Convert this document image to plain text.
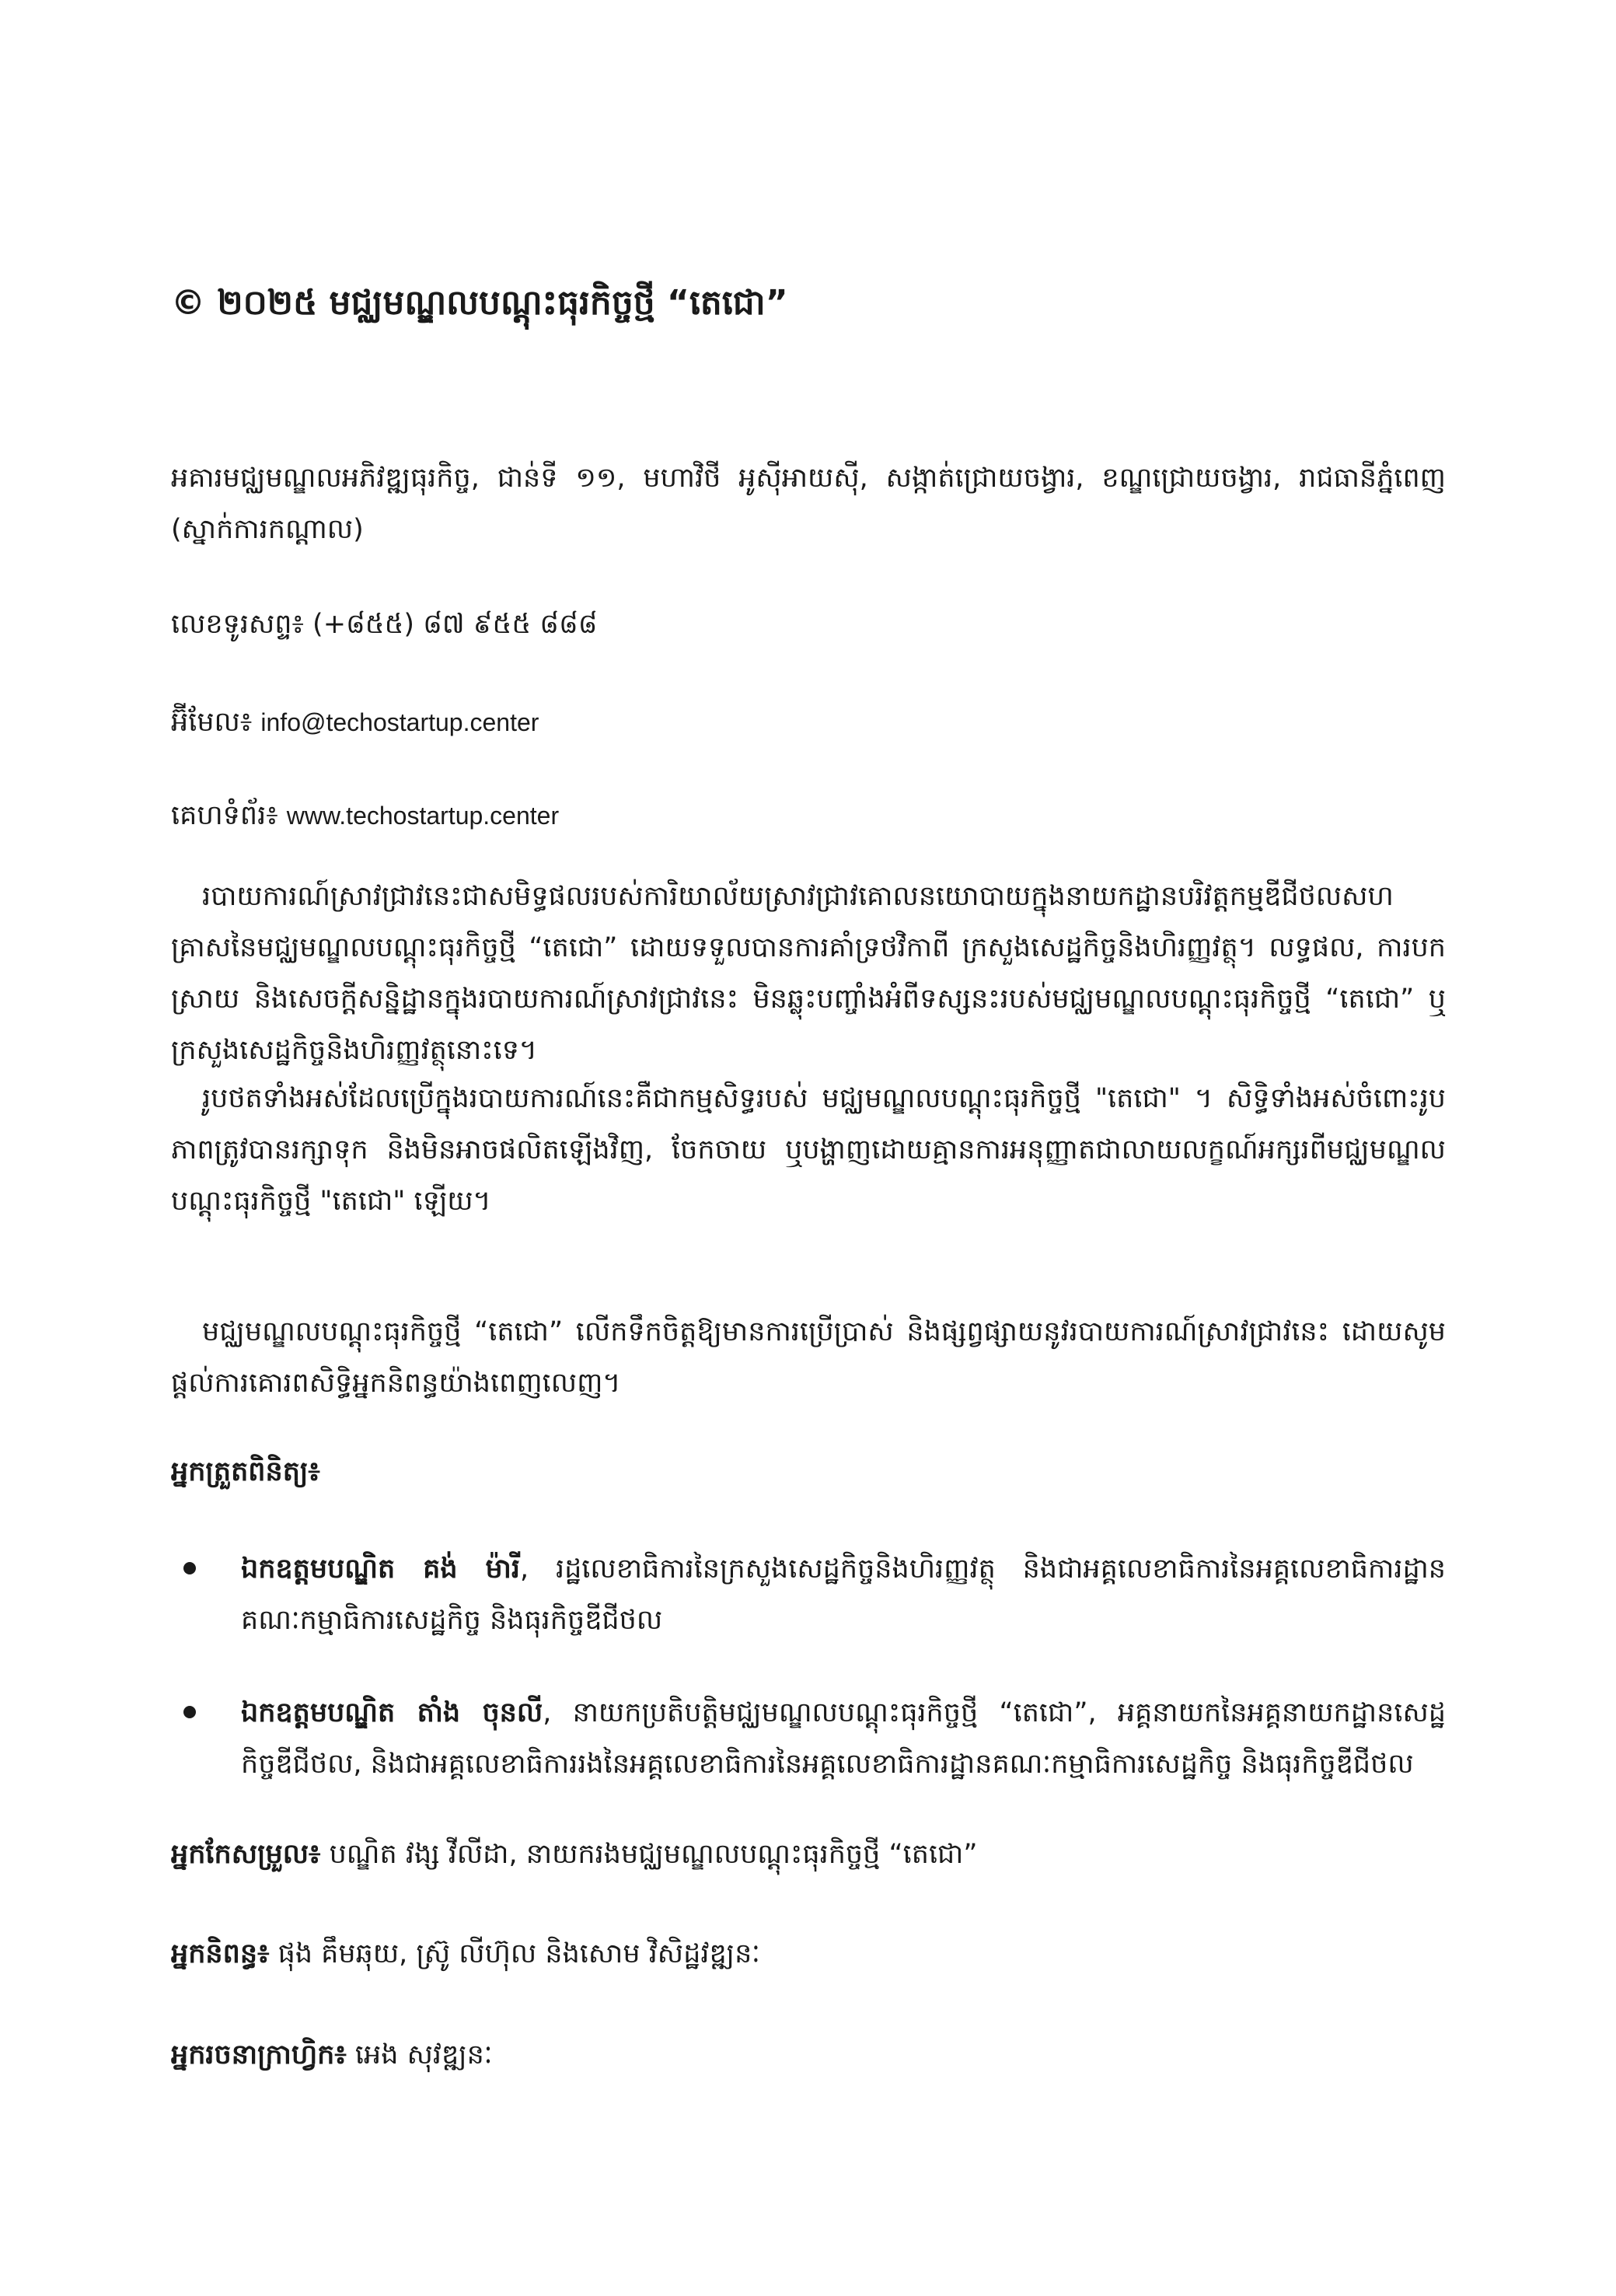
© ២០២៥ មជ្ឈមណ្ឌលបណ្តុះធុរកិច្ចថ្មី “តេជោ”

អគារមជ្ឈមណ្ឌលអភិវឌ្ឍធុរកិច្ច, ជាន់ទី ១១, មហាវិថី អូស៊ីអាយស៊ី, សង្កាត់ជ្រោយចង្វារ, ខណ្ឌជ្រោយចង្វារ, រាជធានីភ្នំពេញ (ស្នាក់ការកណ្តាល)

លេខទូរសព្ទ៖ (+៨៥៥) ៨៧ ៩៥៥ ៨៨៨

អ៊ីមែល៖ info@techostartup.center

គេហទំព័រ៖ www.techostartup.center

របាយការណ៍ស្រាវជ្រាវនេះជាសមិទ្ធផលរបស់ការិយាល័យស្រាវជ្រាវគោលនយោបាយក្នុងនាយកដ្ឋានបរិវត្តកម្មឌីជីថលសហគ្រាសនៃមជ្ឈមណ្ឌលបណ្តុះធុរកិច្ចថ្មី “តេជោ” ដោយទទួលបានការគាំទ្រថវិកាពី ក្រសួងសេដ្ឋកិច្ចនិងហិរញ្ញវត្ថុ។ លទ្ធផល, ការបកស្រាយ និងសេចក្តីសន្និដ្ឋានក្នុងរបាយការណ៍ស្រាវជ្រាវនេះ មិនឆ្លុះបញ្ចាំងអំពីទស្សនះរបស់មជ្ឈមណ្ឌលបណ្តុះធុរកិច្ចថ្មី “តេជោ” ឬក្រសួងសេដ្ឋកិច្ចនិងហិរញ្ញវត្ថុនោះទេ។

រូបថតទាំងអស់ដែលប្រើក្នុងរបាយការណ៍នេះគឺជាកម្មសិទ្ធរបស់ មជ្ឈមណ្ឌលបណ្តុះធុរកិច្ចថ្មី "តេជោ" ។ សិទ្ធិទាំងអស់ចំពោះរូបភាពត្រូវបានរក្សាទុក និងមិនអាចផលិតឡើងវិញ, ចែកចាយ ឬបង្ហាញដោយគ្មានការអនុញ្ញាតជាលាយលក្ខណ៍អក្សរពីមជ្ឈមណ្ឌលបណ្តុះធុរកិច្ចថ្មី "តេជោ" ឡើយ។

មជ្ឈមណ្ឌលបណ្តុះធុរកិច្ចថ្មី “តេជោ” លើកទឹកចិត្តឱ្យមានការប្រើប្រាស់ និងផ្សព្វផ្សាយនូវរបាយការណ៍ស្រាវជ្រាវនេះ ដោយសូមផ្តល់ការគោរពសិទ្ធិអ្នកនិពន្ធយ៉ាងពេញលេញ។

អ្នកត្រួតពិនិត្យ៖

ឯកឧត្តមបណ្ឌិត គង់ ម៉ារី, រដ្ឋលេខាធិការនៃក្រសួងសេដ្ឋកិច្ចនិងហិរញ្ញវត្ថុ និងជាអគ្គលេខាធិការនៃអគ្គលេខាធិការដ្ឋានគណៈកម្មាធិការសេដ្ឋកិច្ច និងធុរកិច្ចឌីជីថល
ឯកឧត្តមបណ្ឌិត តាំង ចុនលី, នាយកប្រតិបត្តិមជ្ឈមណ្ឌលបណ្តុះធុរកិច្ចថ្មី “តេជោ”, អគ្គនាយកនៃអគ្គនាយកដ្ឋានសេដ្ឋកិច្ចឌីជីថល, និងជាអគ្គលេខាធិការរងនៃអគ្គលេខាធិការនៃអគ្គលេខាធិការដ្ឋានគណៈកម្មាធិការសេដ្ឋកិច្ច និងធុរកិច្ចឌីជីថល

អ្នកកែសម្រួល៖ បណ្ឌិត វង្ស វីលីដា, នាយករងមជ្ឈមណ្ឌលបណ្តុះធុរកិច្ចថ្មី “តេជោ”

អ្នកនិពន្ធ៖ ផុង គឹមឆុយ, ស្រ៊ូ លីហ៊ុល និងសោម វិសិដ្ឋវឌ្ឍនៈ

អ្នករចនាក្រាហ្វិក៖ អេង សុវឌ្ឍនៈ
